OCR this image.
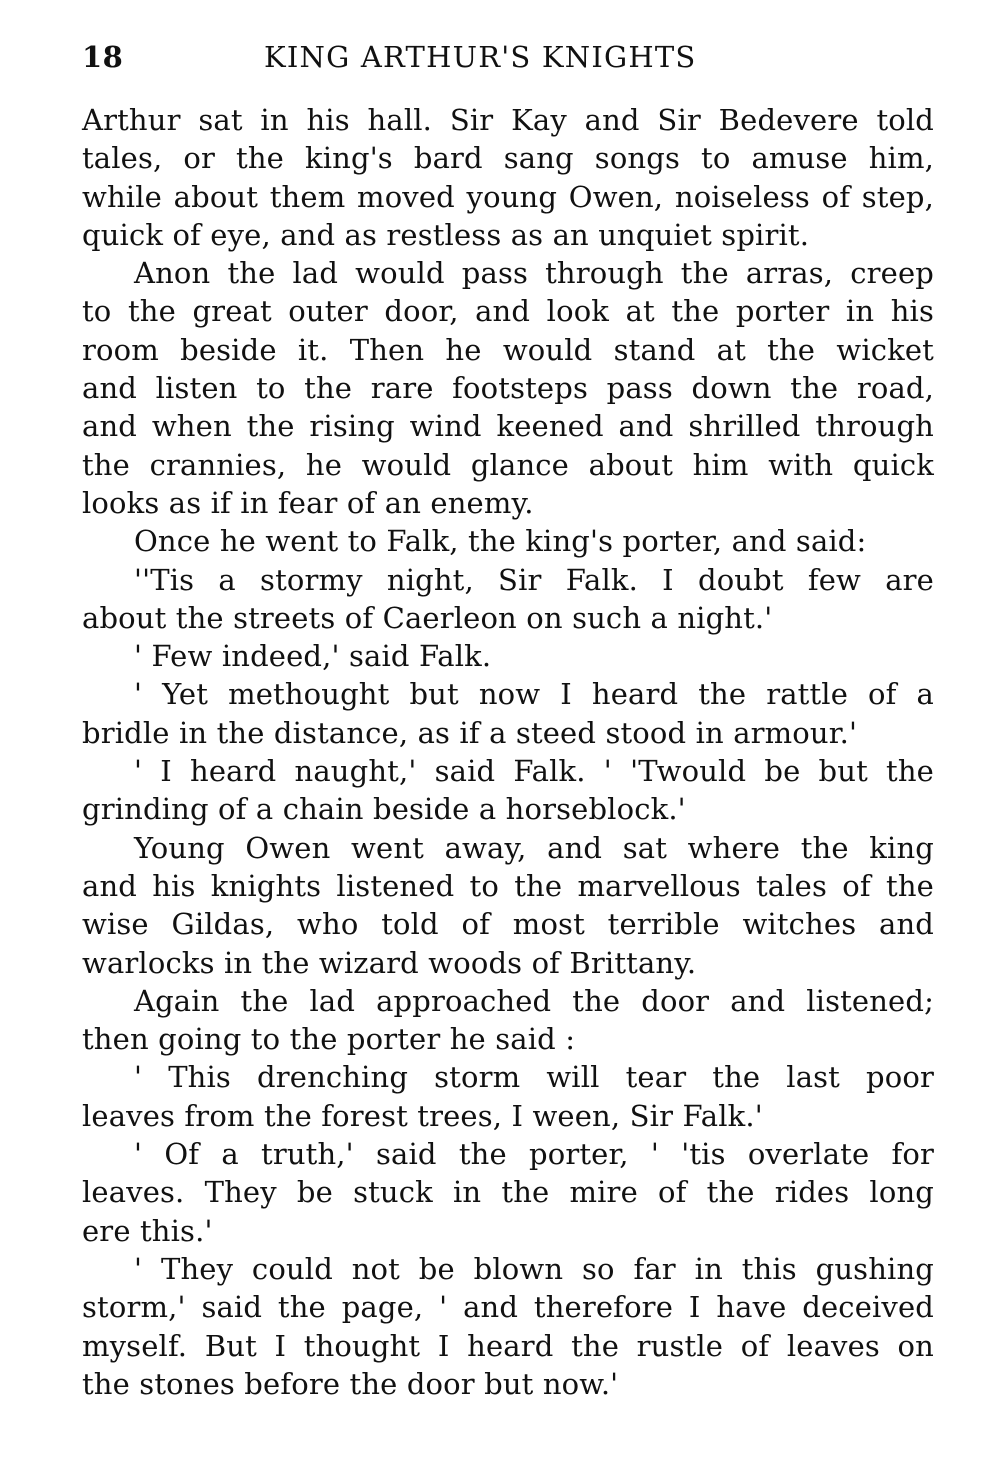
18	KING ARTHUR'S KNIGHTS
Arthur sat in his hall. Sir Kay and Sir Bedevere told
tales, or the king's bard sang songs to amuse him,
while about them moved young Owen, noiseless of step,
quick of eye, and as restless as an unquiet spirit.
Anon the lad would pass through the arras, creep
to the great outer door, and look at the porter in his
room beside it. Then he would stand at the wicket
and listen to the rare footsteps pass down the road,
and when the rising wind keened and shrilled through
the crannies, he would glance about him with quick
looks as if in fear of an enemy.
Once he went to Falk, the king's porter, and said:
''Tis a stormy night, Sir Falk. I doubt few are
about the streets of Caerleon on such a night.'
' Few indeed,' said Falk.
' Yet methought but now I heard the rattle of a
bridle in the distance, as if a steed stood in armour.'
' I heard naught,' said Falk. ' 'Twould be but the
grinding of a chain beside a horseblock.'
Young Owen went away, and sat where the king
and his knights listened to the marvellous tales of the
wise Gildas, who told of most terrible witches and
warlocks in the wizard woods of Brittany.
Again the lad approached the door and listened;
then going to the porter he said :
' This drenching storm will tear the last poor
leaves from the forest trees, I ween, Sir Falk.'
' Of a truth,' said the porter, ' 'tis overlate for
leaves. They be stuck in the mire of the rides long
ere this.'
' They could not be blown so far in this gushing
storm,' said the page, ' and therefore I have deceived
myself. But I thought I heard the rustle of leaves on
the stones before the door but now.'
